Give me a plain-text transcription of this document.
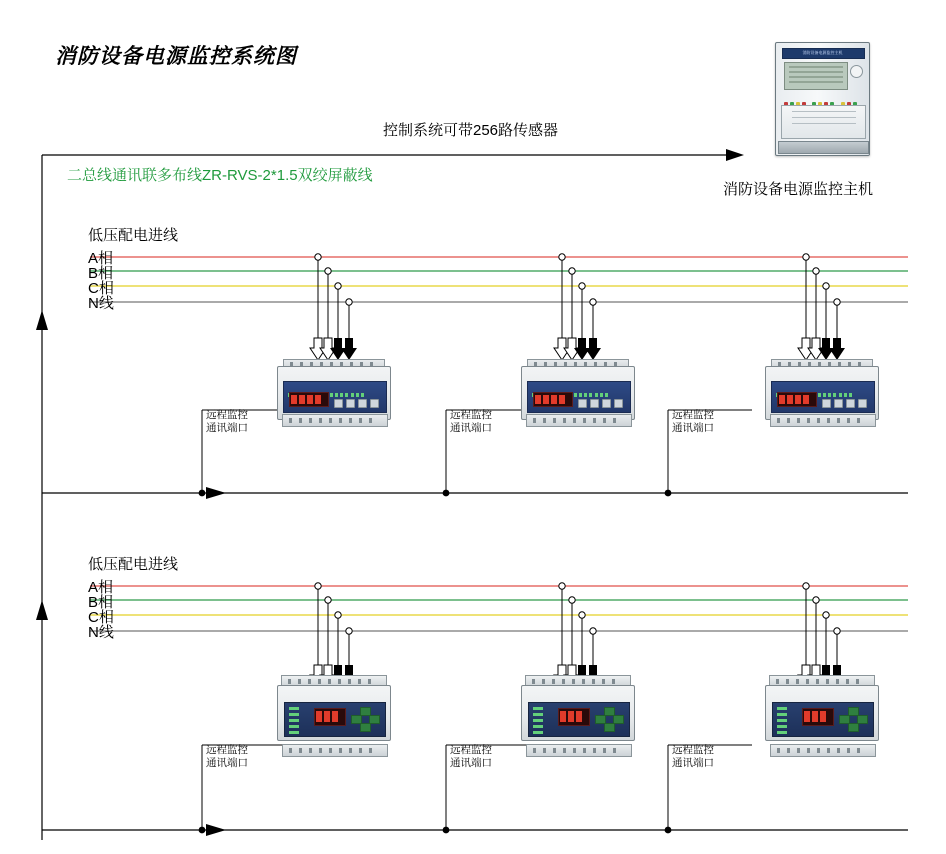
消防设备电源监控系统图	消防设备电源监控主机

消防设备电源监控主机
控制系统可带256路传感器
二总线通讯联多布线ZR-RVS-2*1.5双绞屏蔽线
低压配电进线
A相
B相
C相
N线
低压配电进线
A相
B相
C相
N线

远程监控
通讯端口
远程监控
通讯端口
远程监控
通讯端口
远程监控
通讯端口
远程监控
通讯端口
远程监控
通讯端口
